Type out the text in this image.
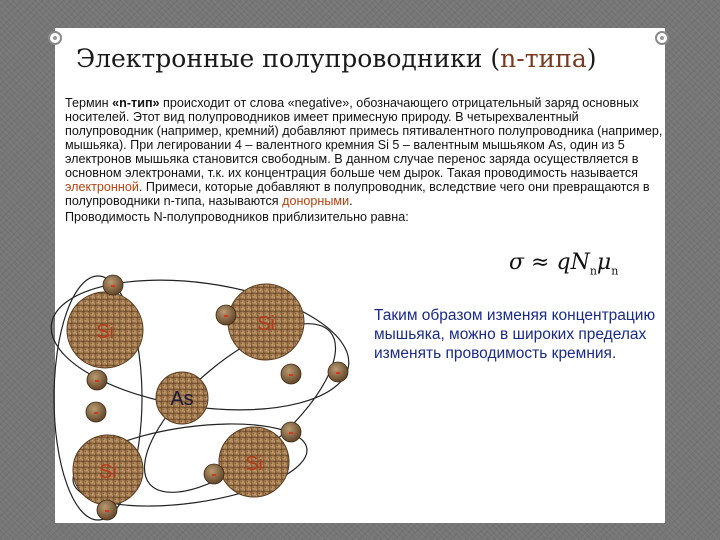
Электронные полупроводники (n-типа)
Термин «n-тип» происходит от слова «negative», обозначающего отрицательный заряд основных носителей. Этот вид полупроводников имеет примесную природу. В четырехвалентный полупроводник (например, кремний) добавляют примесь пятивалентного полупроводника (например, мышьяка). При легировании 4 – валентного кремния Si 5 – валентным мышьяком As, один из 5 электронов мышьяка становится свободным. В данном случае перенос заряда осуществляется в основном электронами, т.к. их концентрация больше чем дырок. Такая проводимость называется электронной. Примеси, которые добавляют в полупроводник, вследствие чего они превращаются в полупроводники n-типа, называются донорными.
Проводимость N-полупроводников приблизительно равна:
$\sigma \approx qN_n\mu_n$
Si	Si
As
Si	Si
-
-
-
-
-	-
-
-
-
Таким образом изменяя концентрацию мышьяка, можно в широких пределах изменять проводимость кремния.
